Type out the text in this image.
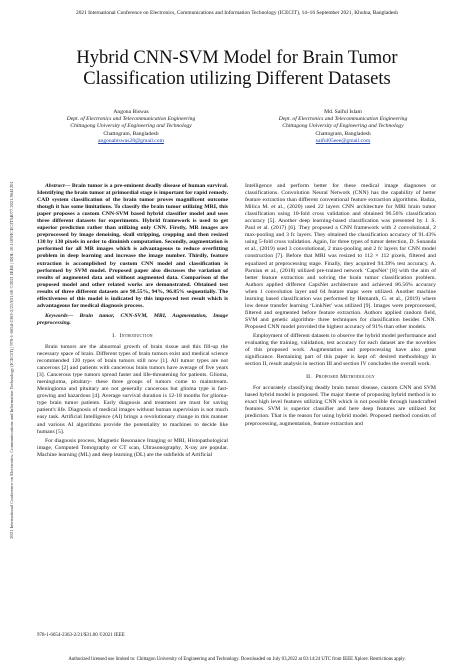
2021 International Conference on Electronics, Communications and Information Technology (ICECIT), 14–16 September 2021, Khulna, Bangladesh
2021 International Conference on Electronics, Communications and Information Technology (ICECIT) | 978-1-6654-2363-2/21/$31.00 ©2021 IEEE | DOI: 10.1109/ICECIT54077.2021.9641201
Hybrid CNN-SVM Model for Brain Tumor
Classification utilizing Different Datasets
Angona Biswas
Dept. of Electronics and Telecommunication Engineering
Chittagong University of Engineering and Technology
Chattogram, Bangladesh
angonabiswas28@gmail.com
Md. Saiful Islam
Dept. of Electronics and Telecommunication Engineering
Chittagong University of Engineering and Technology
Chattogram, Bangladesh
saiful05eee@gmail.com

Abstract— Brain tumor is a pre-eminent deadly disease of human survival. Identifying the brain tumor at primordial stage is important for rapid remedy. CAD system classification of the brain tumor proves magnificent outcome though it has some limitations. To classify the brain tumor utilizing MRI, this paper proposes a custom CNN-SVM based hybrid classifier model and uses three different datasets for experiments. Hybrid framework is used to get superior prediction rather than utilizing only CNN. Firstly, MR images are preprocessed by image denoising, skull stripping, cropping and then resized 130 by 130 pixels in order to diminish computation. Secondly, augmentation is performed for all MR images which is advantageous to reduce overfitting problem in deep learning and increase the image number. Thirdly, feature extraction is accomplished by custom CNN model and classification is performed by SVM model. Proposed paper also discusses the variation of results of augmented data and without augmented data. Comparison of the proposed model and other related works are demonstrated. Obtained test results of three different datasets are 98.55%, 94%, 96.85% sequentially. The effectiveness of this model is indicated by this improved test result which is advantageous for medical diagnosis process.

Keywords— Brain tumor, CNN-SVM, MRI, Augmentation, Image preprocessing.

I. Introduction

Brain tumors are the abnormal growth of brain tissue and this fill-up the necessary space of brain. Different types of brain tumors exist and medical science recommended 120 types of brain tumors still now [1]. All tumor types are not cancerous [2] and patients with cancerous brain tumors have average of five years [3]. Cancerous type tumors spread faster and life-threatening for patients. Glioma, meningioma, pituitary- these three groups of tumors come to mainstream. Meningioma and pituitary are not generally cancerous but glioma type is fast-growing and hazardous [4]. Average survival duration is 12-18 months for glioma-type brain tumor patients. Early diagnosis and treatment are must for saving patient's life. Diagnosis of medical images without human supervision is not much easy task. Artificial Intelligence (AI) brings a revolutionary change in this manner and various AI algorithms provide the potentiality to machines to decide like humans [5].

For diagnosis process, Magnetic Resonance Imaging or MRI, Histopathological image, Computed Tomography or CT scan, Ultrasonography, X-ray are popular. Machine learning (ML) and deep learning (DL) are the subfields of Artificial

Intelligence and perform better for these medical image diagnoses or classifications. Convolution Neural Network (CNN) has the capability of better feature extraction than different conventional feature extraction algorithms. Badza, Milica M. et al., (2020) used 22 layers CNN architecture for MRI brain tumor classification using 10-fold cross validation and obtained 96.56% classification accuracy [5]. Another deep learning-based classification was presented by J. S. Paul et al. (2017) [6]. They proposed a CNN framework with 2 convolutional, 2 max-pooling and 3 fc layers. They obtained the classification accuracy of 91.43% using 5-fold cross validation. Again, for three types of tumor detection, D. Sunanda et al., (2019) used 3 convolutional, 2 max-pooling and 2 fc layers for CNN model construction [7]. Before that MRI was resized to 112 × 112 pixels, filtered and equalized at preprocessing stage. Finally, they acquired 94.39% test accuracy. A. Parnian et al., (2018) utilized pre-trained network ‘CapsNet’ [8] with the aim of better feature extraction and solving the brain tumor classification problem. Authors applied different CapsNet architecture and achieved 86.56% accuracy when 1 convolution layer and 64 feature maps were utilized. Another machine learning based classification was performed by Hemanth, G. et al., (2019) where low dense transfer learning ‘LinkNet’ was utilized [9]. Images were preprocessed, filtered and segmented before feature extraction. Authors applied random field, SVM and genetic algorithm- three techniques for classification besides CNN. Proposed CNN model provided the highest accuracy of 91% than other models.

Employment of different datasets to observe the hybrid model performance and evaluating the training, validation, test accuracy for each dataset are the novelties of this proposed work. Augmentation and preprocessing have also great significance. Remaining part of this paper is kept of: desired methodology in section II, result analysis in section III and section IV concludes the overall work.

II. Proposed Methodology

For accurately classifying deadly brain tumor disease, custom CNN and SVM based hybrid model is proposed. The major theme of proposing hybrid method is to exact high level features utilizing CNN which is not possible through handcrafted features. SVM is superior classifier and here deep features are utilized for prediction. That is the reason for using hybrid model. Proposed method consists of preprocessing, augmentation, feature extraction and

978-1-6654-2363-2/21/$31.00 ©2021 IEEE
Authorized licensed use limited to: Chittagon University of Engineering and Technology. Downloaded on July 03,2022 at 03:14:24 UTC from IEEE Xplore. Restrictions apply.
